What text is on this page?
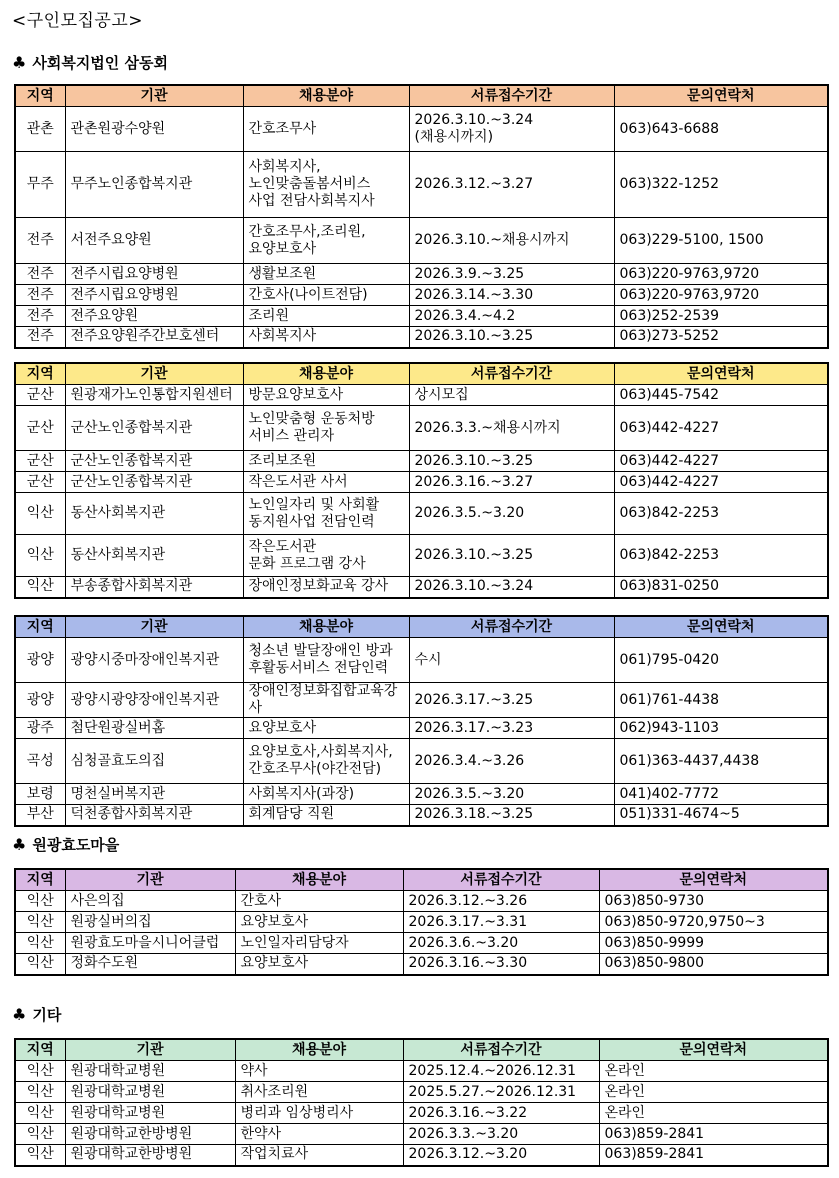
<구인모집공고>
♣ 사회복지법인 삼동회
지역	기관	채용분야	서류접수기간	문의연락처
관촌	관촌원광수양원	간호조무사	2026.3.10.~3.24
(채용시까지)	063)643-6688
무주	무주노인종합복지관	사회복지사,
노인맞춤돌봄서비스
사업 전담사회복지사	2026.3.12.~3.27	063)322-1252
전주	서전주요양원	간호조무사,조리원,
요양보호사	2026.3.10.~채용시까지	063)229-5100, 1500
전주	전주시립요양병원	생활보조원	2026.3.9.~3.25	063)220-9763,9720
전주	전주시립요양병원	간호사(나이트전담)	2026.3.14.~3.30	063)220-9763,9720
전주	전주요양원	조리원	2026.3.4.~4.2	063)252-2539
전주	전주요양원주간보호센터	사회복지사	2026.3.10.~3.25	063)273-5252
지역	기관	채용분야	서류접수기간	문의연락처
군산	원광재가노인통합지원센터	방문요양보호사	상시모집	063)445-7542
군산	군산노인종합복지관	노인맞춤형 운동처방
서비스 관리자	2026.3.3.~채용시까지	063)442-4227
군산	군산노인종합복지관	조리보조원	2026.3.10.~3.25	063)442-4227
군산	군산노인종합복지관	작은도서관 사서	2026.3.16.~3.27	063)442-4227
익산	동산사회복지관	노인일자리 및 사회활
동지원사업 전담인력	2026.3.5.~3.20	063)842-2253
익산	동산사회복지관	작은도서관
문화 프로그램 강사	2026.3.10.~3.25	063)842-2253
익산	부송종합사회복지관	장애인정보화교육 강사	2026.3.10.~3.24	063)831-0250
지역	기관	채용분야	서류접수기간	문의연락처
광양	광양시중마장애인복지관	청소년 발달장애인 방과
후활동서비스 전담인력	수시	061)795-0420
광양	광양시광양장애인복지관	장애인정보화집합교육강사	2026.3.17.~3.25	061)761-4438
광주	첨단원광실버홈	요양보호사	2026.3.17.~3.23	062)943-1103
곡성	심청골효도의집	요양보호사,사회복지사,
간호조무사(야간전담)	2026.3.4.~3.26	061)363-4437,4438
보령	명천실버복지관	사회복지사(과장)	2026.3.5.~3.20	041)402-7772
부산	덕천종합사회복지관	회계담당 직원	2026.3.18.~3.25	051)331-4674~5
♣ 원광효도마을
지역	기관	채용분야	서류접수기간	문의연락처
익산	사은의집	간호사	2026.3.12.~3.26	063)850-9730
익산	원광실버의집	요양보호사	2026.3.17.~3.31	063)850-9720,9750~3
익산	원광효도마을시니어클럽	노인일자리담당자	2026.3.6.~3.20	063)850-9999
익산	정화수도원	요양보호사	2026.3.16.~3.30	063)850-9800
♣ 기타
지역	기관	채용분야	서류접수기간	문의연락처
익산	원광대학교병원	약사	2025.12.4.~2026.12.31	온라인
익산	원광대학교병원	취사조리원	2025.5.27.~2026.12.31	온라인
익산	원광대학교병원	병리과 임상병리사	2026.3.16.~3.22	온라인
익산	원광대학교한방병원	한약사	2026.3.3.~3.20	063)859-2841
익산	원광대학교한방병원	작업치료사	2026.3.12.~3.20	063)859-2841
